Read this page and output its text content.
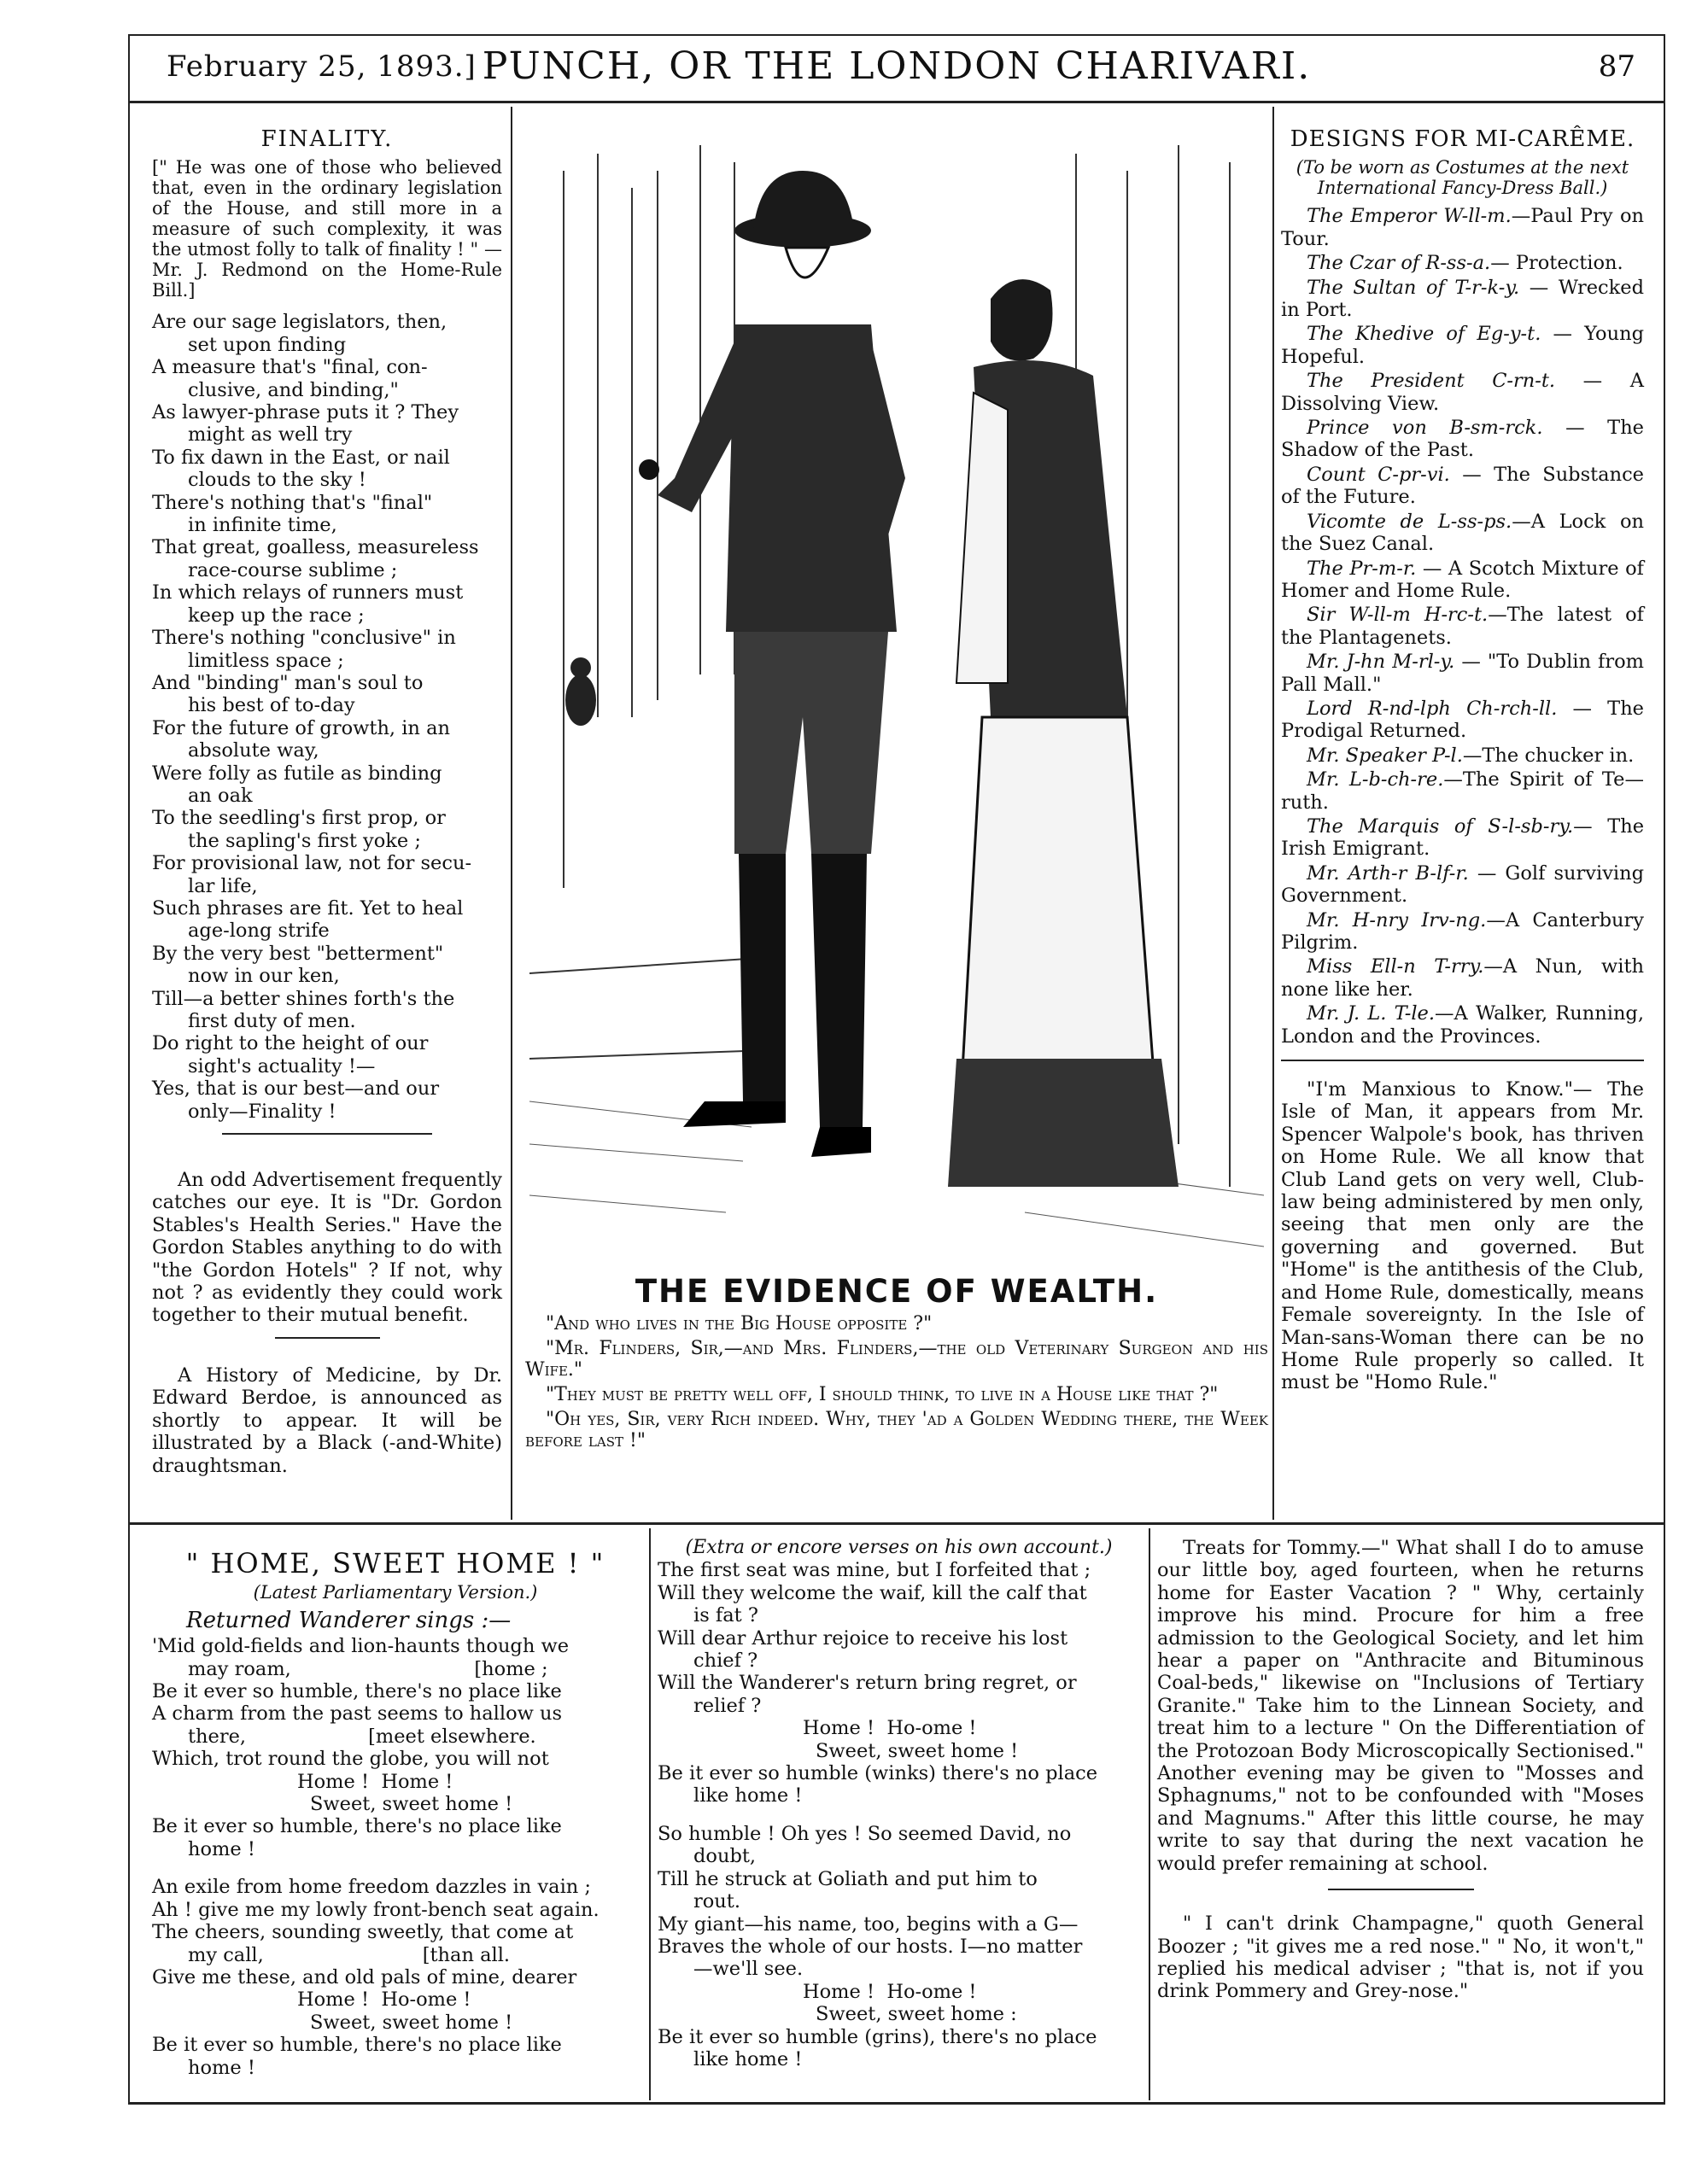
February 25, 1893.] PUNCH, OR THE LONDON CHARIVARI.	87
FINALITY.
[" He was one of those who believed that, even in the ordinary legislation of the House, and still more in a measure of such complexity, it was the utmost folly to talk of finality ! " —Mr. J. Redmond on the Home-Rule Bill.]
Are our sage legislators, then,
set upon finding
A measure that's "final, con-
clusive, and binding,"
As lawyer-phrase puts it ? They
might as well try
To fix dawn in the East, or nail
clouds to the sky !
There's nothing that's "final"
in infinite time,
That great, goalless, measureless
race-course sublime ;
In which relays of runners must
keep up the race ;
There's nothing "conclusive" in
limitless space ;
And "binding" man's soul to
his best of to-day
For the future of growth, in an
absolute way,
Were folly as futile as binding
an oak
To the seedling's first prop, or
the sapling's first yoke ;
For provisional law, not for secu-
lar life,
Such phrases are fit. Yet to heal
age-long strife
By the very best "betterment"
now in our ken,
Till—a better shines forth's the
first duty of men.
Do right to the height of our
sight's actuality !—
Yes, that is our best—and our
only—Finality !

An odd Advertisement frequently catches our eye. It is "Dr. Gordon Stables's Health Series." Have the Gordon Stables anything to do with "the Gordon Hotels" ? If not, why not ? as evidently they could work together to their mutual benefit.

A History of Medicine, by Dr. Edward Berdoe, is announced as shortly to appear. It will be illustrated by a Black (-and-White) draughtsman.

THE EVIDENCE OF WEALTH.
"And who lives in the Big House opposite ?"
"Mr. Flinders, Sir,—and Mrs. Flinders,—the old Veterinary Surgeon and his Wife."
"They must be pretty well off, I should think, to live in a House like that ?"
"Oh yes, Sir, very Rich indeed. Why, they 'ad a Golden Wedding there, the Week before last !"
DESIGNS FOR MI-CARÊME.
(To be worn as Costumes at the next International Fancy-Dress Ball.)
The Emperor W-ll-m.—Paul Pry on Tour.
The Czar of R-ss-a.— Protection.
The Sultan of T-r-k-y. — Wrecked in Port.
The Khedive of Eg-y-t. — Young Hopeful.
The President C-rn-t. — A Dissolving View.
Prince von B-sm-rck. — The Shadow of the Past.
Count C-pr-vi. — The Substance of the Future.
Vicomte de L-ss-ps.—A Lock on the Suez Canal.
The Pr-m-r. — A Scotch Mixture of Homer and Home Rule.
Sir W-ll-m H-rc-t.—The latest of the Plantagenets.
Mr. J-hn M-rl-y. — "To Dublin from Pall Mall."
Lord R-nd-lph Ch-rch-ll. — The Prodigal Returned.
Mr. Speaker P-l.—The chucker in.
Mr. L-b-ch-re.—The Spirit of Te—ruth.
The Marquis of S-l-sb-ry.— The Irish Emigrant.
Mr. Arth-r B-lf-r. — Golf surviving Government.
Mr. H-nry Irv-ng.—A Canterbury Pilgrim.
Miss Ell-n T-rry.—A Nun, with none like her.
Mr. J. L. T-le.—A Walker, Running, London and the Provinces.

"I'm Manxious to Know."— The Isle of Man, it appears from Mr. Spencer Walpole's book, has thriven on Home Rule. We all know that Club Land gets on very well, Club-law being administered by men only, seeing that men only are the governing and governed. But "Home" is the antithesis of the Club, and Home Rule, domestically, means Female sovereignty. In the Isle of Man-sans-Woman there can be no Home Rule properly so called. It must be "Homo Rule."

" HOME, SWEET HOME ! "
(Latest Parliamentary Version.)
Returned Wanderer sings :—
'Mid gold-fields and lion-haunts though we
may roam,                              [home ;
Be it ever so humble, there's no place like
A charm from the past seems to hallow us
there,                    [meet elsewhere.
Which, trot round the globe, you will not
Home !  Home !
Sweet, sweet home !
Be it ever so humble, there's no place like
home !
An exile from home freedom dazzles in vain ;
Ah ! give me my lowly front-bench seat again.
The cheers, sounding sweetly, that come at
my call,                          [than all.
Give me these, and old pals of mine, dearer
Home !  Ho-ome !
Sweet, sweet home !
Be it ever so humble, there's no place like
home !
(Extra or encore verses on his own account.)
The first seat was mine, but I forfeited that ;
Will they welcome the waif, kill the calf that
is fat ?
Will dear Arthur rejoice to receive his lost
chief ?
Will the Wanderer's return bring regret, or
relief ?
Home !  Ho-ome !
Sweet, sweet home !
Be it ever so humble (winks) there's no place
like home !
So humble ! Oh yes ! So seemed David, no
doubt,
Till he struck at Goliath and put him to
rout.
My giant—his name, too, begins with a G—
Braves the whole of our hosts. I—no matter
—we'll see.
Home !  Ho-ome !
Sweet, sweet home :
Be it ever so humble (grins), there's no place
like home !

Treats for Tommy.—" What shall I do to amuse our little boy, aged fourteen, when he returns home for Easter Vacation ? " Why, certainly improve his mind. Procure for him a free admission to the Geological Society, and let him hear a paper on "Anthracite and Bituminous Coal-beds," likewise on "Inclusions of Tertiary Granite." Take him to the Linnean Society, and treat him to a lecture " On the Differentiation of the Protozoan Body Microscopically Sectionised." Another evening may be given to "Mosses and Sphagnums," not to be confounded with "Moses and Magnums." After this little course, he may write to say that during the next vacation he would prefer remaining at school.

" I can't drink Champagne," quoth General Boozer ; "it gives me a red nose." " No, it won't," replied his medical adviser ; "that is, not if you drink Pommery and Grey-nose."
